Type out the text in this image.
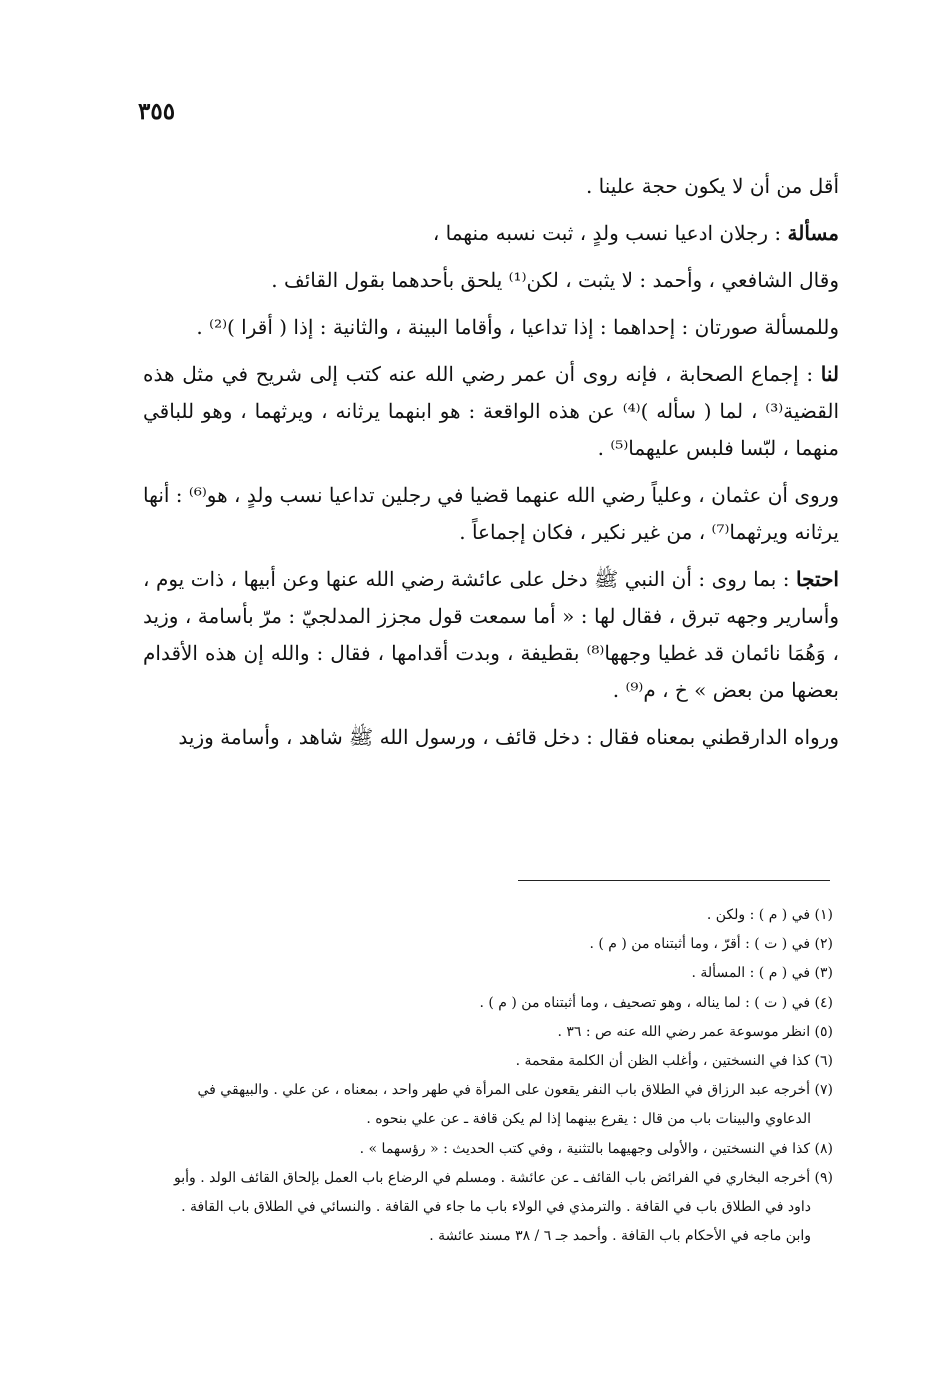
٣٥٥

أقل من أن لا يكون حجة علينا .

مسألة : رجلان ادعيا نسب ولدٍ ، ثبت نسبه منهما ،

وقال الشافعي ، وأحمد : لا يثبت ، لكن⁽¹⁾ يلحق بأحدهما بقول القائف .

وللمسألة صورتان : إحداهما : إذا تداعيا ، وأقاما البينة ، والثانية : إذا ( أقرا )⁽²⁾ .

لنا : إجماع الصحابة ، فإنه روى أن عمر رضي الله عنه كتب إلى شريح في مثل هذه القضية⁽³⁾ ، لما ( سأله )⁽⁴⁾ عن هذه الواقعة : هو ابنهما يرثانه ، ويرثهما ، وهو للباقي منهما ، لبّسا فلبس عليهما⁽⁵⁾ .

وروى أن عثمان ، وعلياً رضي الله عنهما قضيا في رجلين تداعيا نسب ولدٍ ، هو⁽⁶⁾ : أنها يرثانه ويرثهما⁽⁷⁾ ، من غير نكير ، فكان إجماعاً .

احتجا : بما روى : أن النبي ﷺ دخل على عائشة رضي الله عنها وعن أبيها ، ذات يوم ، وأسارير وجهه تبرق ، فقال لها : « أما سمعت قول مجزز المدلجيّ : مرّ بأسامة ، وزيد ، وَهُمَا نائمان قد غطيا وجهها⁽⁸⁾ بقطيفة ، وبدت أقدامها ، فقال : والله إن هذه الأقدام بعضها من بعض » خ ، م⁽⁹⁾ .

ورواه الدارقطني بمعناه فقال : دخل قائف ، ورسول الله ﷺ شاهد ، وأسامة وزيد

(١) في ( م ) : ولكن .

(٢) في ( ت ) : أقرّ ، وما أثبتناه من ( م ) .

(٣) في ( م ) : المسألة .

(٤) في ( ت ) : لما يناله ، وهو تصحيف ، وما أثبتناه من ( م ) .

(٥) انظر موسوعة عمر رضي الله عنه ص : ٣٦ .

(٦) كذا في النسختين ، وأغلب الظن أن الكلمة مقحمة .

(٧) أخرجه عبد الرزاق في الطلاق باب النفر يقعون على المرأة في طهر واحد ، بمعناه ، عن علي . والبيهقي في

الدعاوي والبينات باب من قال : يقرع بينهما إذا لم يكن قافة ـ عن علي بنحوه .

(٨) كذا في النسختين ، والأولى وجهيهما بالتثنية ، وفي كتب الحديث : « رؤسهما » .

(٩) أخرجه البخاري في الفرائض باب القائف ـ عن عائشة . ومسلم في الرضاع باب العمل بإلحاق القائف الولد . وأبو

داود في الطلاق باب في القافة . والترمذي في الولاء باب ما جاء في القافة . والنسائي في الطلاق باب القافة .

وابن ماجه في الأحكام باب القافة . وأحمد جـ ٦ / ٣٨ مسند عائشة .
